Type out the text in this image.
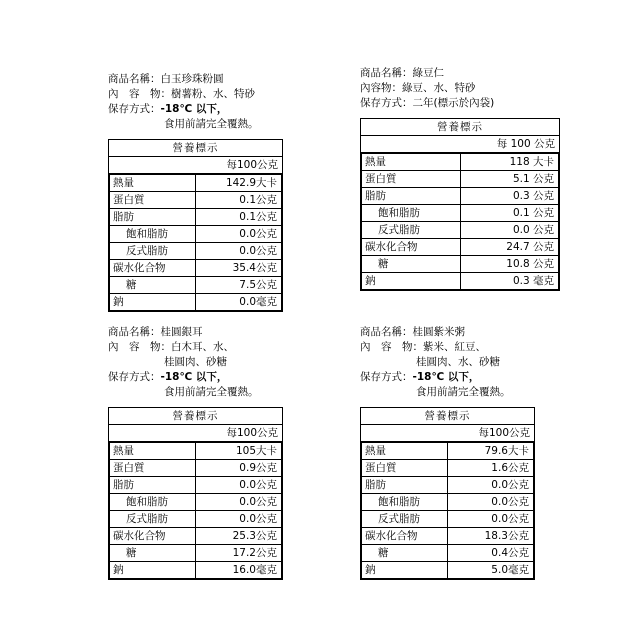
商品名稱 ： 白玉珍珠粉圓
內　容　物 ： 樹薯粉、水、特砂
保存方式 ： -18℃ 以下，
食用前請完全覆熱。
營養標示
每100公克

熱量	142.9大卡
蛋白質	0.1公克
脂肪	0.1公克
飽和脂肪	0.0公克
反式脂肪	0.0公克
碳水化合物	35.4公克
糖	7.5公克
鈉	0.0毫克
商品名稱 ： 綠豆仁
內容物 ： 綠豆、水、特砂
保存方式 ： 二年(標示於內袋)
營養標示
每 100 公克

熱量	118 大卡
蛋白質	5.1 公克
脂肪	0.3 公克
飽和脂肪	0.1 公克
反式脂肪	0.0 公克
碳水化合物	24.7 公克
糖	10.8 公克
鈉	0.3 毫克
商品名稱 ： 桂圓銀耳
內　容　物 ： 白木耳、水、
桂圓肉、砂糖
保存方式 ： -18℃ 以下，
食用前請完全覆熱。
營養標示
每100公克

熱量	105大卡
蛋白質	0.9公克
脂肪	0.0公克
飽和脂肪	0.0公克
反式脂肪	0.0公克
碳水化合物	25.3公克
糖	17.2公克
鈉	16.0毫克
商品名稱 ： 桂圓紫米粥
內　容　物 ： 紫米、紅豆、
桂圓肉、水、砂糖
保存方式 ： -18℃ 以下，
食用前請完全覆熱。
營養標示
每100公克

熱量	79.6大卡
蛋白質	1.6公克
脂肪	0.0公克
飽和脂肪	0.0公克
反式脂肪	0.0公克
碳水化合物	18.3公克
糖	0.4公克
鈉	5.0毫克
